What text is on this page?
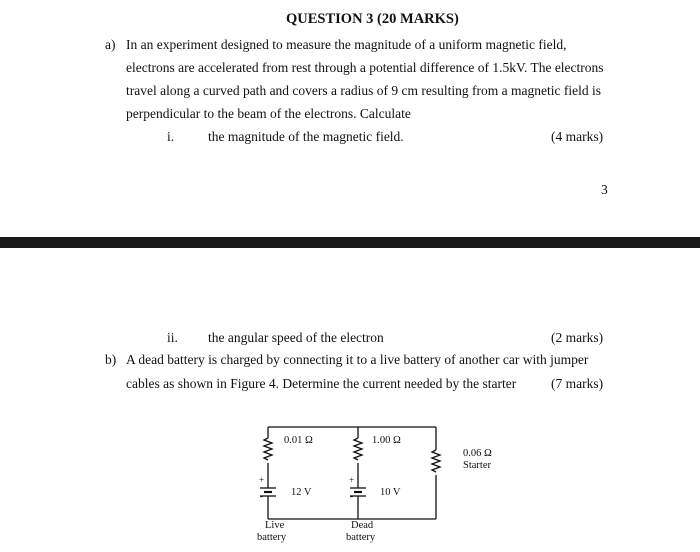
QUESTION 3 (20 MARKS)
a) In an experiment designed to measure the magnitude of a uniform magnetic field,
electrons are accelerated from rest through a potential difference of 1.5kV. The electrons
travel along a curved path and covers a radius of 9 cm resulting from a magnetic field is
perpendicular to the beam of the electrons. Calculate
i.	the magnitude of the magnetic field.	(4 marks)
3
ii. the angular speed of the electron	(2 marks)
b) A dead battery is charged by connecting it to a live battery of another car with jumper
cables as shown in Figure 4. Determine the current needed by the starter	(7 marks)
0.01 Ω	1.00 Ω
0.06 Ω
Starter
+
-	12 V
+
-	10 V
Live
battery
Dead
battery
